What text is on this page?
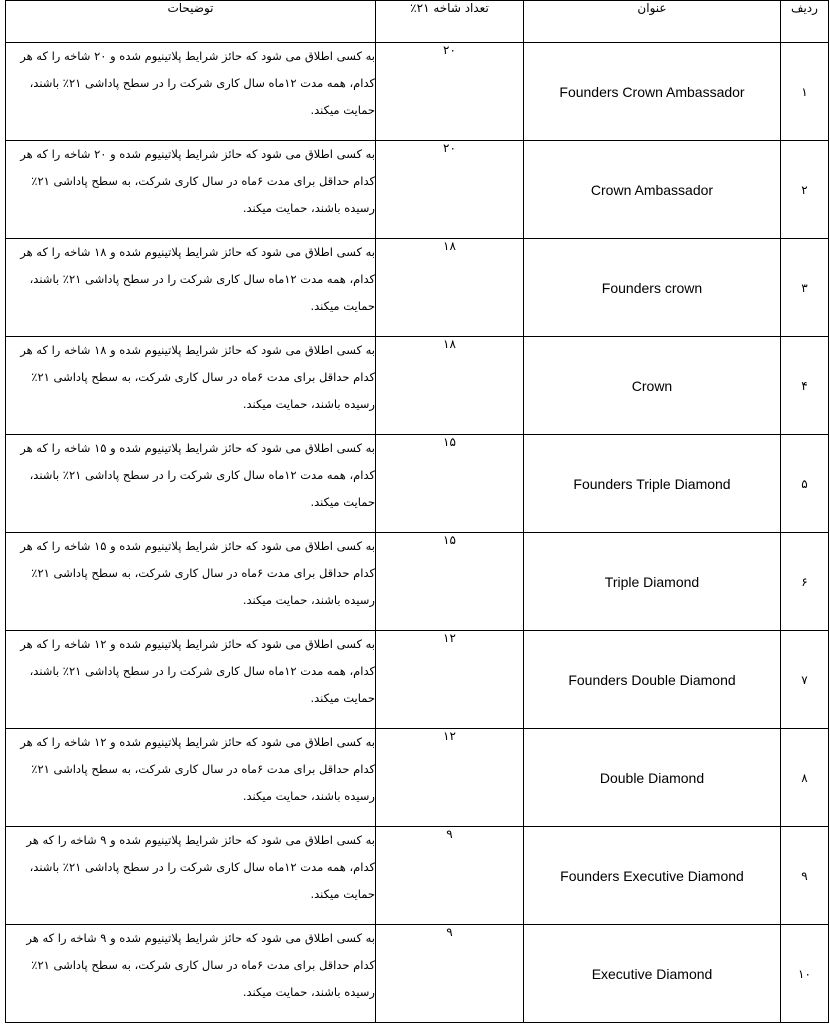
ردیف	عنوان	تعداد شاخه ۲۱٪	توضیحات
۱	Founders Crown Ambassador	۲۰	به کسی اطلاق می شود که حائز شرایط پلاتینیوم شده و ۲۰ شاخه را که هر کدام، همه مدت ۱۲ماه سال کاری شرکت را در سطح پاداشی ۲۱٪ باشند، حمایت میکند.
۲	Crown Ambassador	۲۰	به کسی اطلاق می شود که حائز شرایط پلاتینیوم شده و ۲۰ شاخه را که هر کدام حداقل برای مدت ۶ماه در سال کاری شرکت، به سطح پاداشی ۲۱٪ رسیده باشند، حمایت میکند.
۳	Founders crown	۱۸	به کسی اطلاق می شود که حائز شرایط پلاتینیوم شده و ۱۸ شاخه را که هر کدام، همه مدت ۱۲ماه سال کاری شرکت را در سطح پاداشی ۲۱٪ باشند، حمایت میکند.
۴	Crown	۱۸	به کسی اطلاق می شود که حائز شرایط پلاتینیوم شده و ۱۸ شاخه را که هر کدام حداقل برای مدت ۶ماه در سال کاری شرکت، به سطح پاداشی ۲۱٪ رسیده باشند، حمایت میکند.
۵	Founders Triple Diamond	۱۵	به کسی اطلاق می شود که حائز شرایط پلاتینیوم شده و ۱۵ شاخه را که هر کدام، همه مدت ۱۲ماه سال کاری شرکت را در سطح پاداشی ۲۱٪ باشند، حمایت میکند.
۶	Triple Diamond	۱۵	به کسی اطلاق می شود که حائز شرایط پلاتینیوم شده و ۱۵ شاخه را که هر کدام حداقل برای مدت ۶ماه در سال کاری شرکت، به سطح پاداشی ۲۱٪ رسیده باشند، حمایت میکند.
۷	Founders Double Diamond	۱۲	به کسی اطلاق می شود که حائز شرایط پلاتینیوم شده و ۱۲ شاخه را که هر کدام، همه مدت ۱۲ماه سال کاری شرکت را در سطح پاداشی ۲۱٪ باشند، حمایت میکند.
۸	Double Diamond	۱۲	به کسی اطلاق می شود که حائز شرایط پلاتینیوم شده و ۱۲ شاخه را که هر کدام حداقل برای مدت ۶ماه در سال کاری شرکت، به سطح پاداشی ۲۱٪ رسیده باشند، حمایت میکند.
۹	Founders Executive Diamond	۹	به کسی اطلاق می شود که حائز شرایط پلاتینیوم شده و ۹ شاخه را که هر کدام، همه مدت ۱۲ماه سال کاری شرکت را در سطح پاداشی ۲۱٪ باشند، حمایت میکند.
۱۰	Executive Diamond	۹	به کسی اطلاق می شود که حائز شرایط پلاتینیوم شده و ۹ شاخه را که هر کدام حداقل برای مدت ۶ماه در سال کاری شرکت، به سطح پاداشی ۲۱٪ رسیده باشند، حمایت میکند.
